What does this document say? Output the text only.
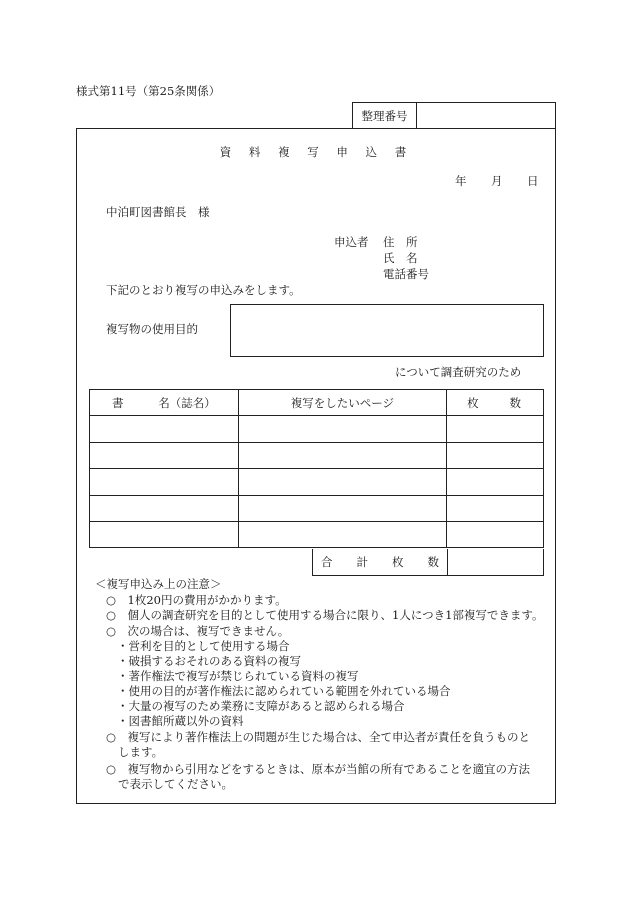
様式第11号（第25条関係）
整理番号
資 料 複 写 申 込 書
年 月 日
中泊町図書館長　様
申込者 住　所
氏　名
電話番号
下記のとおり複写の申込みをします。
複写物の使用目的
について調査研究のため
書 名（誌名）	複写をしたいページ	枚 数

合 計 枚 数
＜複写申込み上の注意＞
○　1枚20円の費用がかかります。
○　個人の調査研究を目的として使用する場合に限り、1人につき1部複写できます。
○　次の場合は、複写できません。
・営利を目的として使用する場合
・破損するおそれのある資料の複写
・著作権法で複写が禁じられている資料の複写
・使用の目的が著作権法に認められている範囲を外れている場合
・大量の複写のため業務に支障があると認められる場合
・図書館所蔵以外の資料
○　複写により著作権法上の問題が生じた場合は、全て申込者が責任を負うものと
します。
○　複写物から引用などをするときは、原本が当館の所有であることを適宜の方法
で表示してください。
